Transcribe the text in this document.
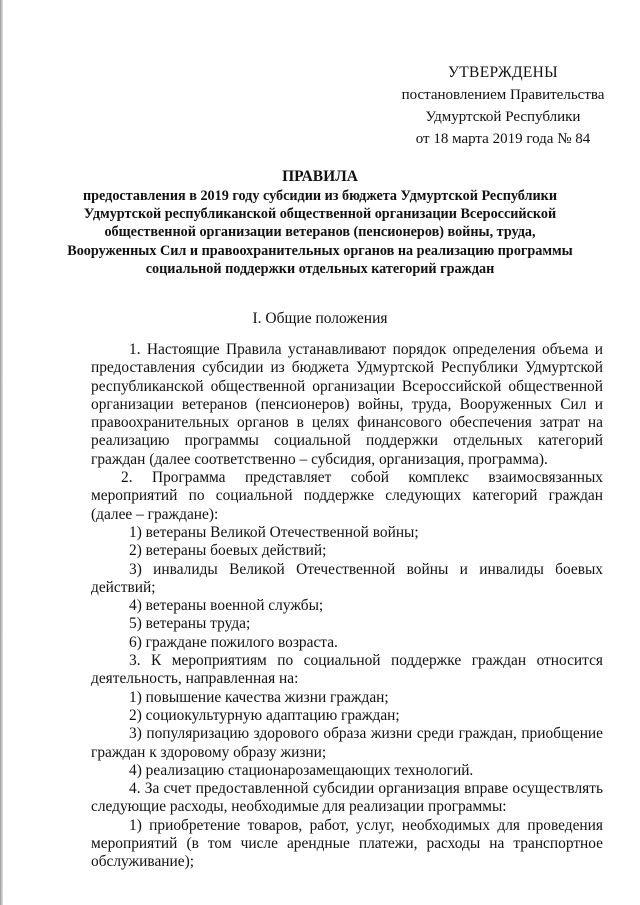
УТВЕРЖДЕНЫ
постановлением Правительства
Удмуртской Республики
от 18 марта 2019 года № 84
ПРАВИЛА
предоставления в 2019 году субсидии из бюджета Удмуртской Республики Удмуртской республиканской общественной организации Всероссийской общественной организации ветеранов (пенсионеров) войны, труда, Вооруженных Сил и правоохранительных органов на реализацию программы социальной поддержки отдельных категорий граждан
I. Общие положения
1. Настоящие Правила устанавливают порядок определения объема и предоставления субсидии из бюджета Удмуртской Республики Удмуртской республиканской общественной организации Всероссийской общественной организации ветеранов (пенсионеров) войны, труда, Вооруженных Сил и правоохранительных органов в целях финансового обеспечения затрат на реализацию программы социальной поддержки отдельных категорий граждан (далее соответственно – субсидия, организация, программа).
2. Программа представляет собой комплекс взаимосвязанных мероприятий по социальной поддержке следующих категорий граждан (далее – граждане):
1) ветераны Великой Отечественной войны;
2) ветераны боевых действий;
3) инвалиды Великой Отечественной войны и инвалиды боевых действий;
4) ветераны военной службы;
5) ветераны труда;
6) граждане пожилого возраста.
3. К мероприятиям по социальной поддержке граждан относится деятельность, направленная на:
1) повышение качества жизни граждан;
2) социокультурную адаптацию граждан;
3) популяризацию здорового образа жизни среди граждан, приобщение граждан к здоровому образу жизни;
4) реализацию стационарозамещающих технологий.
4. За счет предоставленной субсидии организация вправе осуществлять следующие расходы, необходимые для реализации программы:
1) приобретение товаров, работ, услуг, необходимых для проведения мероприятий (в том числе арендные платежи, расходы на транспортное обслуживание);
